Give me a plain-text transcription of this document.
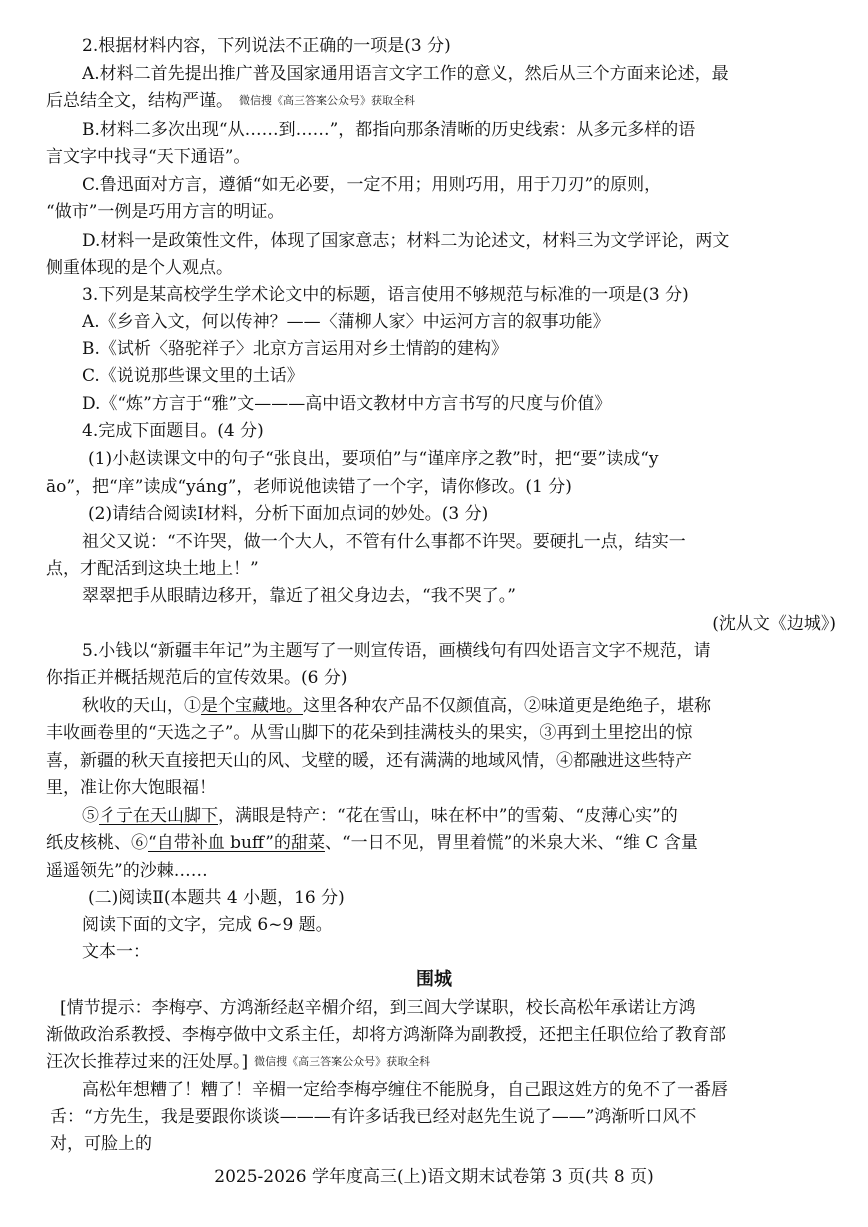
2.根据材料内容，下列说法不正确的一项是(3 分)
A.材料二首先提出推广普及国家通用语言文字工作的意义，然后从三个方面来论述，最
后总结全文，结构严谨。 微信搜《高三答案公众号》获取全科
B.材料二多次出现“从……到……”，都指向那条清晰的历史线索：从多元多样的语
言文字中找寻“天下通语”。
C.鲁迅面对方言，遵循“如无必要，一定不用；用则巧用，用于刀刃”的原则，
“做市”一例是巧用方言的明证。
D.材料一是政策性文件，体现了国家意志；材料二为论述文，材料三为文学评论，两文
侧重体现的是个人观点。
3.下列是某高校学生学术论文中的标题，语言使用不够规范与标准的一项是(3 分)
A.《乡音入文，何以传神？——〈蒲柳人家〉中运河方言的叙事功能》
B.《试析〈骆驼祥子〉北京方言运用对乡土情韵的建构》
C.《说说那些课文里的土话》
D.《“炼”方言于“雅”文———高中语文教材中方言书写的尺度与价值》
4.完成下面题目。(4 分)
(1)小赵读课文中的句子“张良出，要项伯”与“谨庠序之教”时，把“要”读成“y
āo”，把“庠”读成“yáng”，老师说他读错了一个字，请你修改。(1 分)
(2)请结合阅读Ⅰ材料，分析下面加点词的妙处。(3 分)
祖父又说：“不许哭，做一个大人，不管有什么事都不许哭。要硬扎一点，结实一
点，才配活到这块土地上！”
翠翠把手从眼睛边移开，靠近了祖父身边去，“我不哭了。”
(沈从文《边城》)
5.小钱以“新疆丰年记”为主题写了一则宣传语，画横线句有四处语言文字不规范，请
你指正并概括规范后的宣传效果。(6 分)
秋收的天山，①是个宝藏地。这里各种农产品不仅颜值高，②味道更是绝绝子，堪称
丰收画卷里的“天选之子”。从雪山脚下的花朵到挂满枝头的果实，③再到土里挖出的惊
喜，新疆的秋天直接把天山的风、戈壁的暖，还有满满的地域风情，④都融进这些特产
里，准让你大饱眼福！
⑤彳亍在天山脚下，满眼是特产：“花在雪山，味在杯中”的雪菊、“皮薄心实”的
纸皮核桃、⑥“自带补血 buff”的甜菜、“一日不见，胃里着慌”的米泉大米、“维 C 含量
遥遥领先”的沙棘……
(二)阅读Ⅱ(本题共 4 小题，16 分)
阅读下面的文字，完成 6~9 题。
文本一：
围城
[情节提示：李梅亭、方鸿渐经赵辛楣介绍，到三闾大学谋职，校长高松年承诺让方鸿
渐做政治系教授、李梅亭做中文系主任，却将方鸿渐降为副教授，还把主任职位给了教育部
汪次长推荐过来的汪处厚。] 微信搜《高三答案公众号》获取全科
高松年想糟了！糟了！辛楣一定给李梅亭缠住不能脱身，自己跟这姓方的免不了一番唇
舌：“方先生，我是要跟你谈谈———有许多话我已经对赵先生说了——”鸿渐听口风不
对，可脸上的
2025-2026 学年度高三(上)语文期末试卷第 3 页(共 8 页)
